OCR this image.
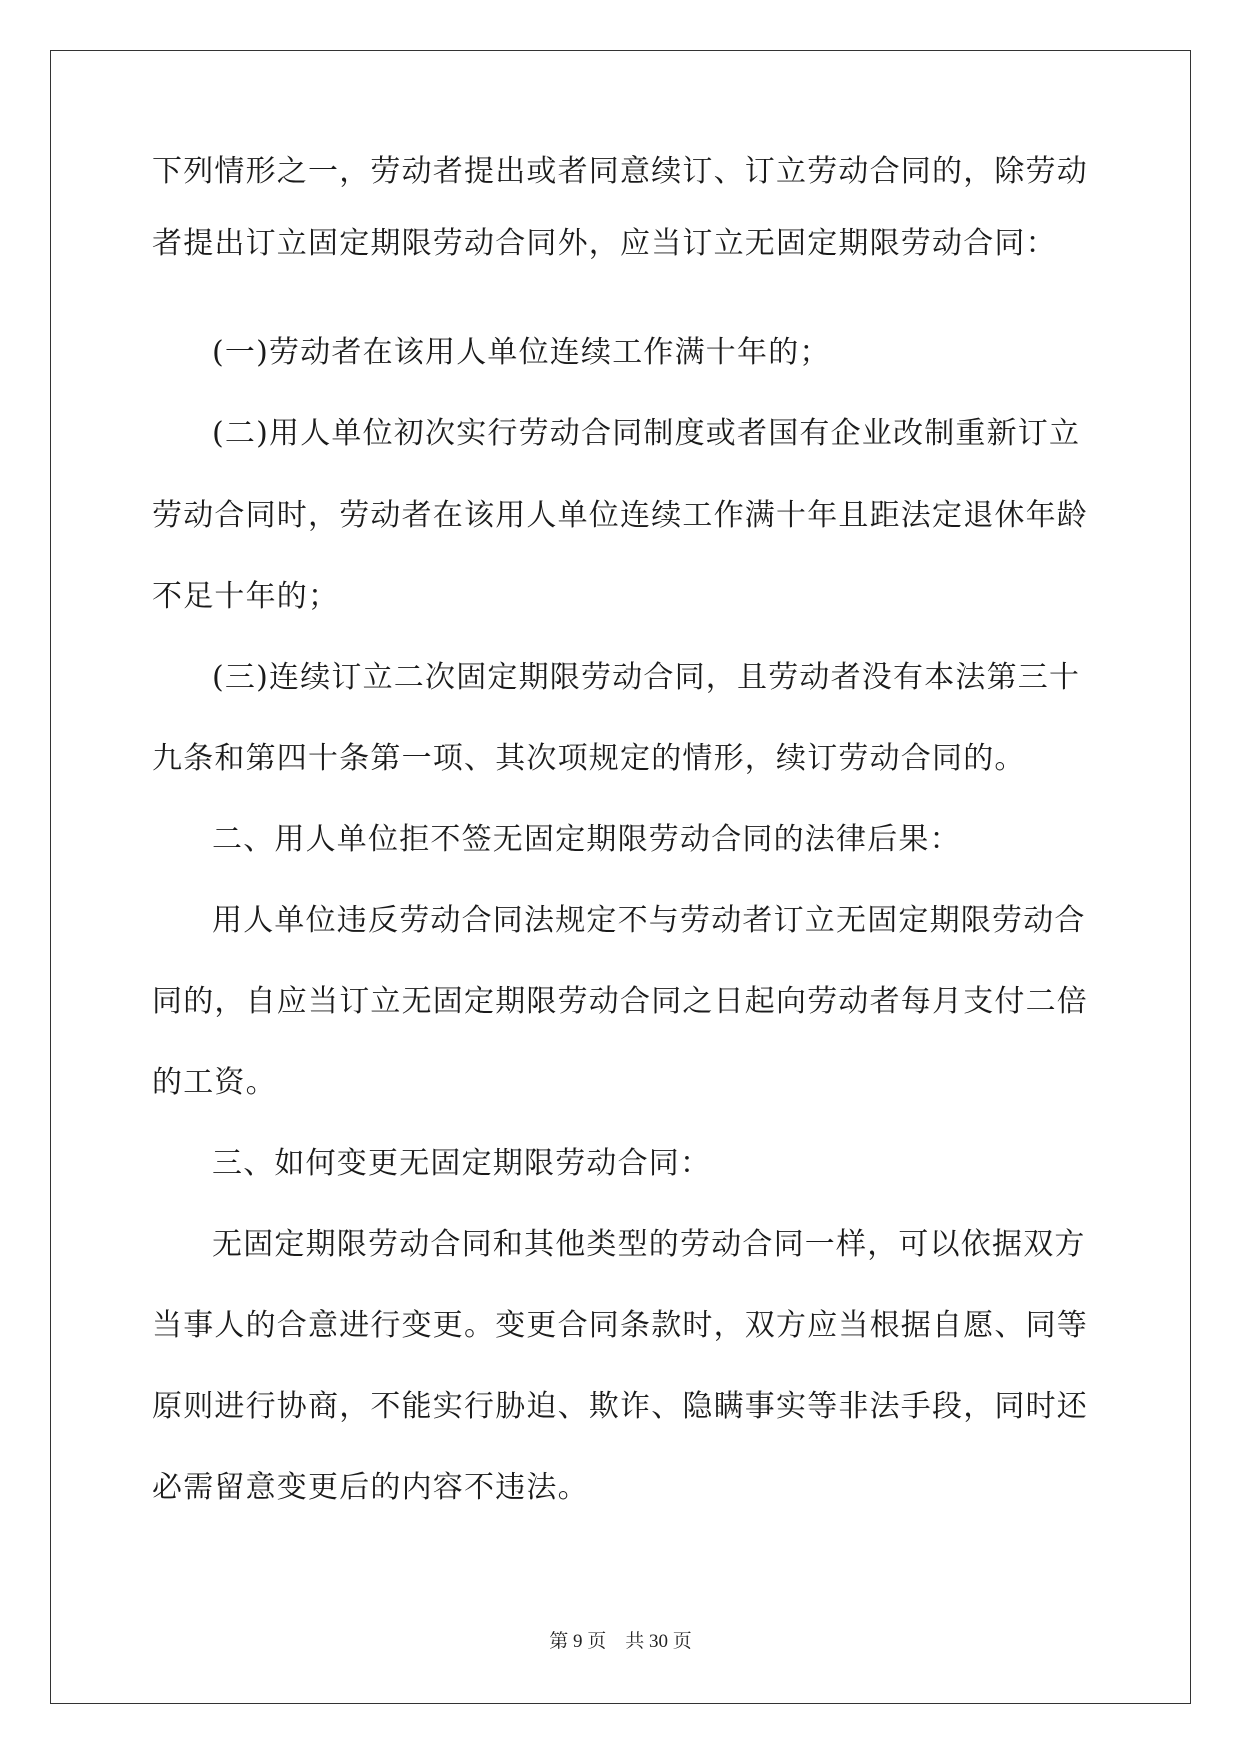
下列情形之一，劳动者提出或者同意续订、订立劳动合同的，除劳动
者提出订立固定期限劳动合同外，应当订立无固定期限劳动合同：
(一)劳动者在该用人单位连续工作满十年的；
(二)用人单位初次实行劳动合同制度或者国有企业改制重新订立
劳动合同时，劳动者在该用人单位连续工作满十年且距法定退休年龄
不足十年的；
(三)连续订立二次固定期限劳动合同，且劳动者没有本法第三十
九条和第四十条第一项、其次项规定的情形，续订劳动合同的。
二、用人单位拒不签无固定期限劳动合同的法律后果：
用人单位违反劳动合同法规定不与劳动者订立无固定期限劳动合
同的，自应当订立无固定期限劳动合同之日起向劳动者每月支付二倍
的工资。
三、如何变更无固定期限劳动合同：
无固定期限劳动合同和其他类型的劳动合同一样，可以依据双方
当事人的合意进行变更。变更合同条款时，双方应当根据自愿、同等
原则进行协商，不能实行胁迫、欺诈、隐瞒事实等非法手段，同时还
必需留意变更后的内容不违法。
第 9 页    共 30 页
